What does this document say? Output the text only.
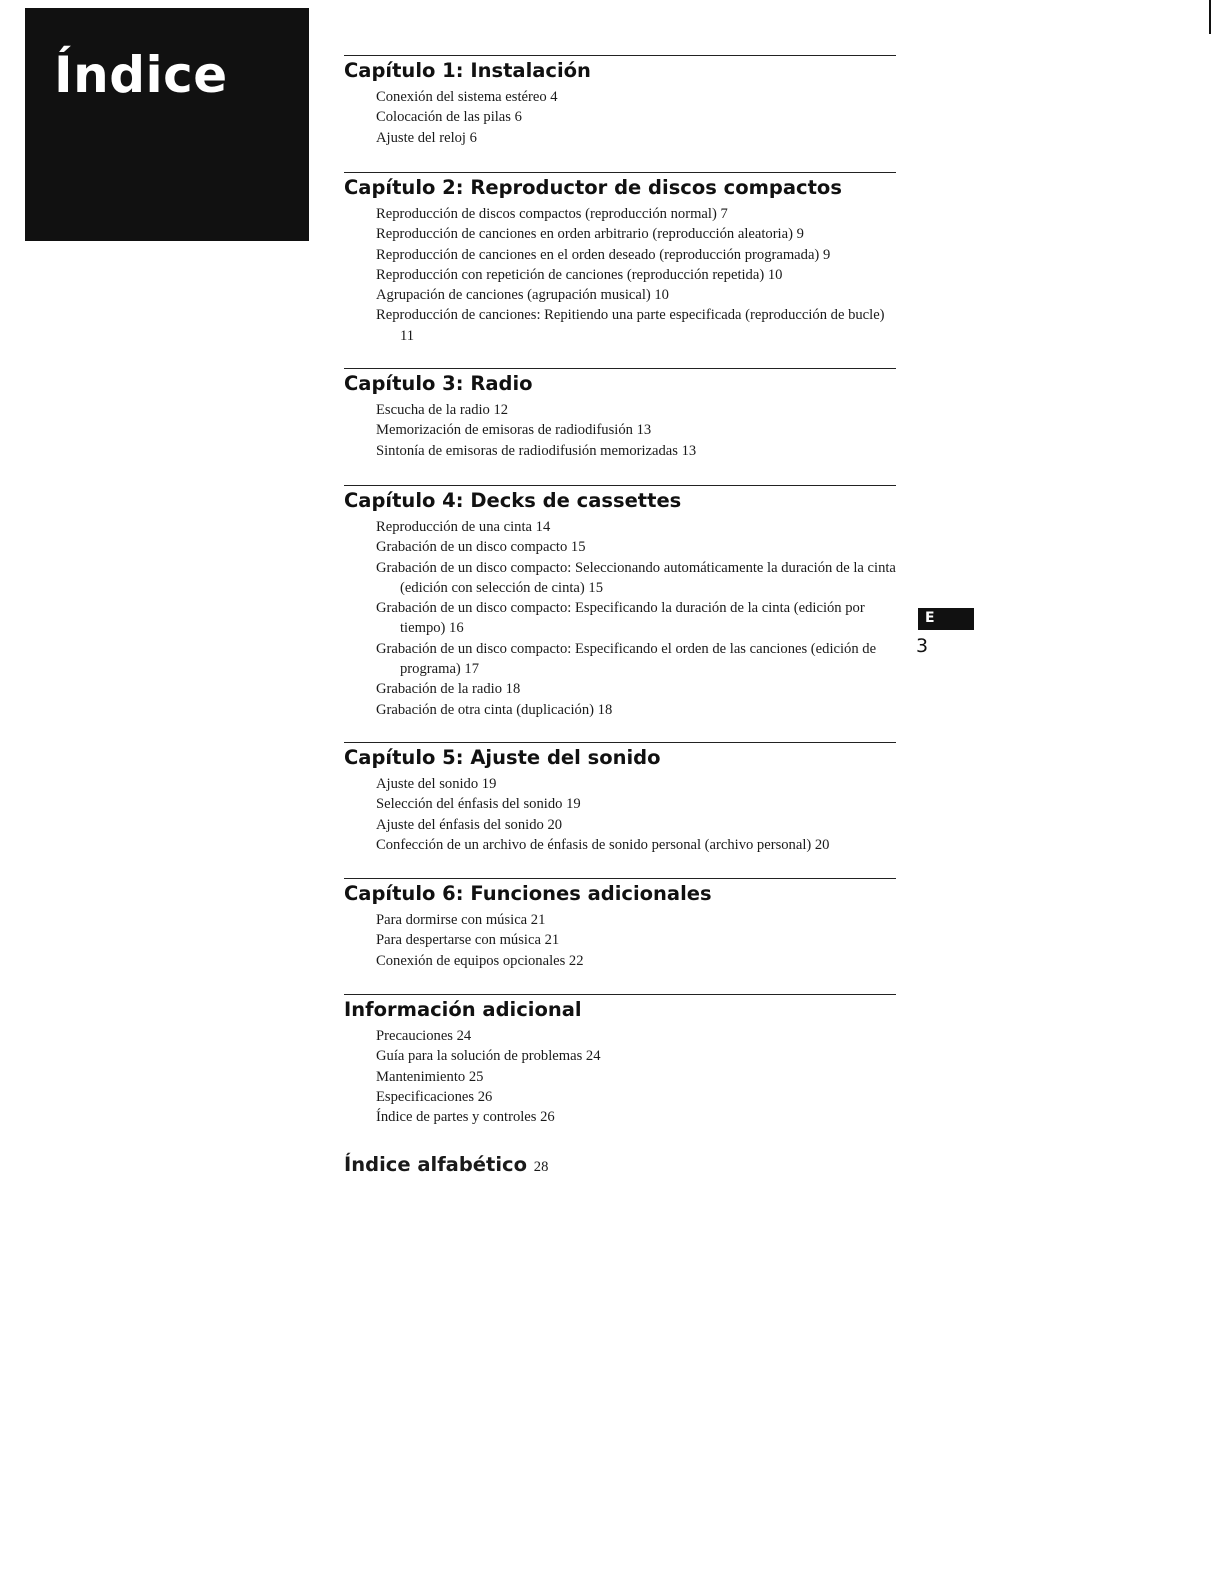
Índice	Capítulo 1: Instalación
Conexión del sistema estéreo 4
Colocación de las pilas 6
Ajuste del reloj 6
Capítulo 2: Reproductor de discos compactos
Reproducción de discos compactos (reproducción normal) 7
Reproducción de canciones en orden arbitrario (reproducción aleatoria) 9
Reproducción de canciones en el orden deseado (reproducción programada) 9
Reproducción con repetición de canciones (reproducción repetida) 10
Agrupación de canciones (agrupación musical) 10
Reproducción de canciones: Repitiendo una parte especificada (reproducción de bucle) 11
Capítulo 3: Radio
Escucha de la radio 12
Memorización de emisoras de radiodifusión 13
Sintonía de emisoras de radiodifusión memorizadas 13
Capítulo 4: Decks de cassettes
Reproducción de una cinta 14
Grabación de un disco compacto 15
Grabación de un disco compacto: Seleccionando automáticamente la duración de la cinta (edición con selección de cinta) 15
Grabación de un disco compacto: Especificando la duración de la cinta (edición por tiempo) 16
Grabación de un disco compacto: Especificando el orden de las canciones (edición de programa) 17
Grabación de la radio 18
Grabación de otra cinta (duplicación) 18
Capítulo 5: Ajuste del sonido
Ajuste del sonido 19
Selección del énfasis del sonido 19
Ajuste del énfasis del sonido 20
Confección de un archivo de énfasis de sonido personal (archivo personal) 20
Capítulo 6: Funciones adicionales
Para dormirse con música 21
Para despertarse con música 21
Conexión de equipos opcionales 22
Información adicional
Precauciones 24
Guía para la solución de problemas 24
Mantenimiento 25
Especificaciones 26
Índice de partes y controles 26
Índice alfabético 28
E
3
